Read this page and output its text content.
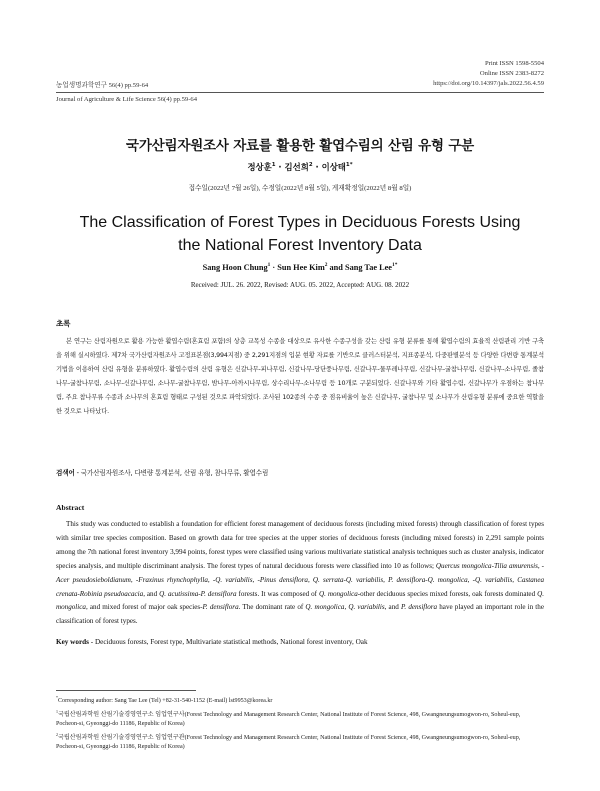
Print ISSN 1598-5504
Online ISSN 2383-8272
https://doi.org/10.14397/jals.2022.56.4.59
농업생명과학연구 56(4) pp.59-64
Journal of Agriculture & Life Science 56(4) pp.59-64
국가산림자원조사 자료를 활용한 활엽수림의 산림 유형 구분
정상훈$^1$ · 김선희$^2$ · 이상태$^{1*}$
접수일(2022년 7월 26일), 수정일(2022년 8월 5일), 게재확정일(2022년 8월 8일)
The Classification of Forest Types in Deciduous Forests Using
the National Forest Inventory Data
Sang Hoon Chung$^1$ · Sun Hee Kim$^2$ and Sang Tae Lee$^{1*}$
Received: JUL. 26. 2022, Revised: AUG. 05. 2022, Accepted: AUG. 08. 2022
초록
본 연구는 산림자원으로 활용 가능한 활엽수림(혼효림 포함)의 상층 교목성 수종을 대상으로 유사한 수종구성을 갖는 산림 유형 분류를 통해 활엽수림의 효율적 산림관리 기반 구축을 위해 실시하였다. 제7차 국가산림자원조사 고정표본점(3,994지점) 중 2,291지점의 입분 현황 자료를 기반으로 클러스터분석, 지표종분석, 다중판별분석 등 다양한 다변량 통계분석 기법을 이용하여 산림 유형을 분류하였다. 활엽수림의 산림 유형은 신갈나무-피나무림, 신갈나무-당단풍나무림, 신갈나무-물푸레나무림, 신갈나무-굴참나무림, 신갈나무-소나무림, 졸참나무-굴참나무림, 소나무-신갈나무림, 소나무-굴참나무림, 밤나무-아까시나무림, 상수리나무-소나무림 등 10개로 구분되었다. 신갈나무와 기타 활엽수림, 신갈나무가 우점하는 참나무림, 주요 참나무류 수종과 소나무의 혼효림 형태로 구성된 것으로 파악되었다. 조사된 102종의 수종 중 점유비율이 높은 신갈나무, 굴참나무 및 소나무가 산림유형 분류에 중요한 역할을 한 것으로 나타났다.
검색어 - 국가산림자원조사, 다변량 통계분석, 산림 유형, 참나무류, 활엽수림
Abstract
This study was conducted to establish a foundation for efficient forest management of deciduous forests (including mixed forests) through classification of forest types with similar tree species composition. Based on growth data for tree species at the upper stories of deciduous forests (including mixed forests) in 2,291 sample points among the 7th national forest inventory 3,994 points, forest types were classified using various multivariate statistical analysis techniques such as cluster analysis, indicator species analysis, and multiple discriminant analysis. The forest types of natural deciduous forests were classified into 10 as follows; Quercus mongolica-Tilia amurensis, -Acer pseudosieboldianum, -Fraxinus rhynchophylla, -Q. variabilis, -Pinus densiflora, Q. serrata-Q. variabilis, P. densiflora-Q. mongolica, -Q. variabilis, Castanea crenata-Robinia pseudoacacia, and Q. acutissima-P. densiflora forests. It was composed of Q. mongolica-other deciduous species mixed forests, oak forests dominated Q. mongolica, and mixed forest of major oak species-P. densiflora. The dominant rate of Q. mongolica, Q. variabilis, and P. densiflora have played an important role in the classification of forest types.
Key words - Deciduous forests, Forest type, Multivariate statistical methods, National forest inventory, Oak
*Corresponding author: Sang Tae Lee (Tel) +82-31-540-1152 (E-mail) lst9953@korea.kr
$^1$국립산림과학원 산림기술경영연구소 임업연구사(Forest Technology and Management Research Center, National Institute of Forest Science, 498, Gwangneungsumogwon-ro, Soheul-eup, Pocheon-si, Gyeonggi-do 11186, Republic of Korea)
$^2$국립산림과학원 산림기술경영연구소 임업연구관(Forest Technology and Management Research Center, National Institute of Forest Science, 498, Gwangneungsumogwon-ro, Soheul-eup, Pocheon-si, Gyeonggi-do 11186, Republic of Korea)
